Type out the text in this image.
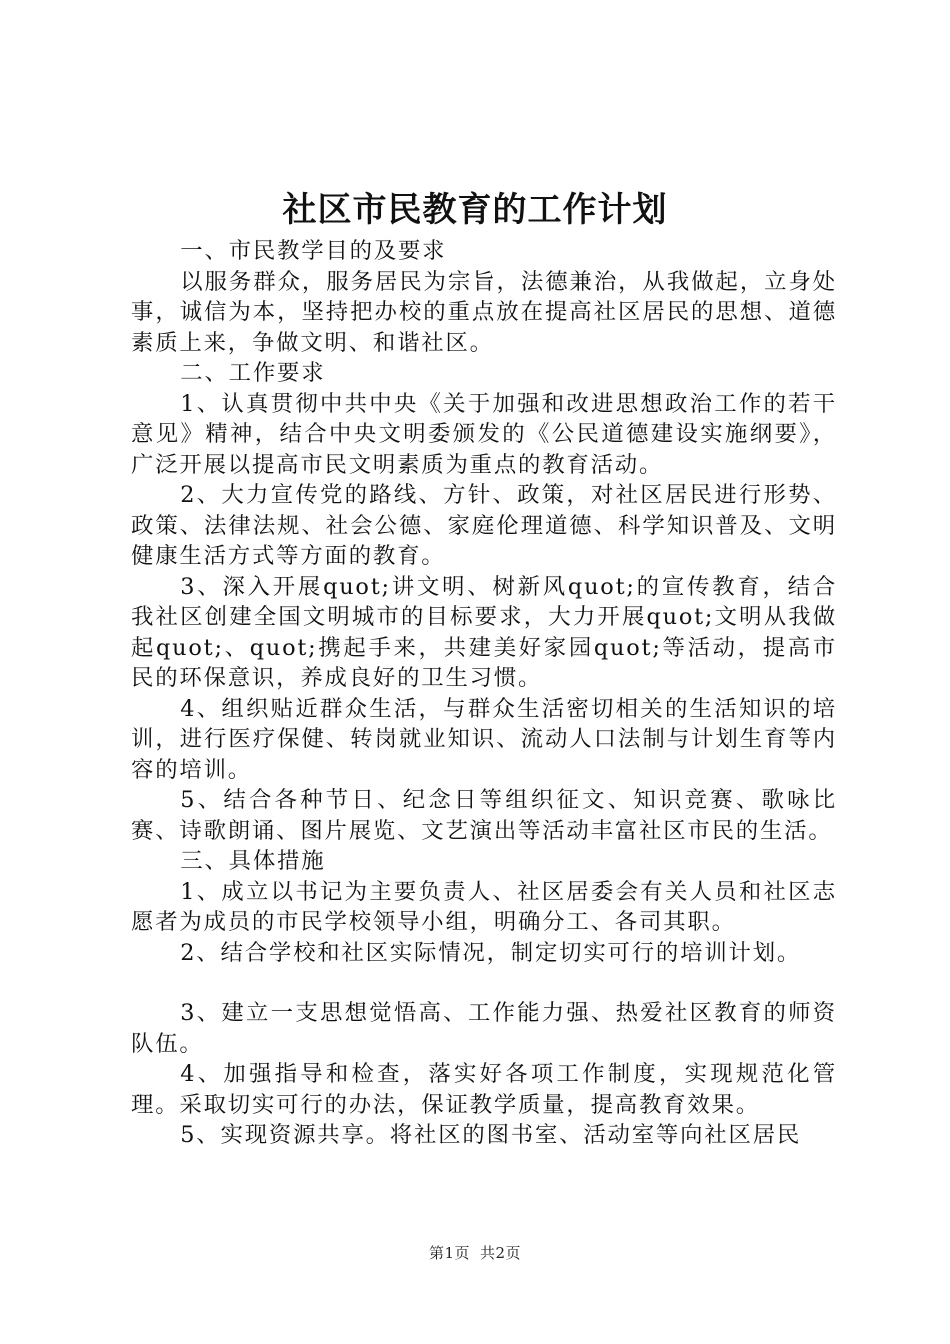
社区市民教育的工作计划

一、市民教学目的及要求

以服务群众，服务居民为宗旨，法德兼治，从我做起，立身处事，诚信为本，坚持把办校的重点放在提高社区居民的思想、道德素质上来，争做文明、和谐社区。

二、工作要求

1、认真贯彻中共中央《关于加强和改进思想政治工作的若干意见》精神，结合中央文明委颁发的《公民道德建设实施纲要》，广泛开展以提高市民文明素质为重点的教育活动。

2、大力宣传党的路线、方针、政策，对社区居民进行形势、政策、法律法规、社会公德、家庭伦理道德、科学知识普及、文明健康生活方式等方面的教育。

3、深入开展quot;讲文明、树新风quot;的宣传教育，结合我社区创建全国文明城市的目标要求，大力开展quot;文明从我做起quot;、quot;携起手来，共建美好家园quot;等活动，提高市民的环保意识，养成良好的卫生习惯。

4、组织贴近群众生活，与群众生活密切相关的生活知识的培训，进行医疗保健、转岗就业知识、流动人口法制与计划生育等内容的培训。

5、结合各种节日、纪念日等组织征文、知识竞赛、歌咏比赛、诗歌朗诵、图片展览、文艺演出等活动丰富社区市民的生活。

三、具体措施

1、成立以书记为主要负责人、社区居委会有关人员和社区志愿者为成员的市民学校领导小组，明确分工、各司其职。

2、结合学校和社区实际情况，制定切实可行的培训计划。

3、建立一支思想觉悟高、工作能力强、热爱社区教育的师资队伍。

4、加强指导和检查，落实好各项工作制度，实现规范化管理。采取切实可行的办法，保证教学质量，提高教育效果。

5、实现资源共享。将社区的图书室、活动室等向社区居民

第1页 共2页
